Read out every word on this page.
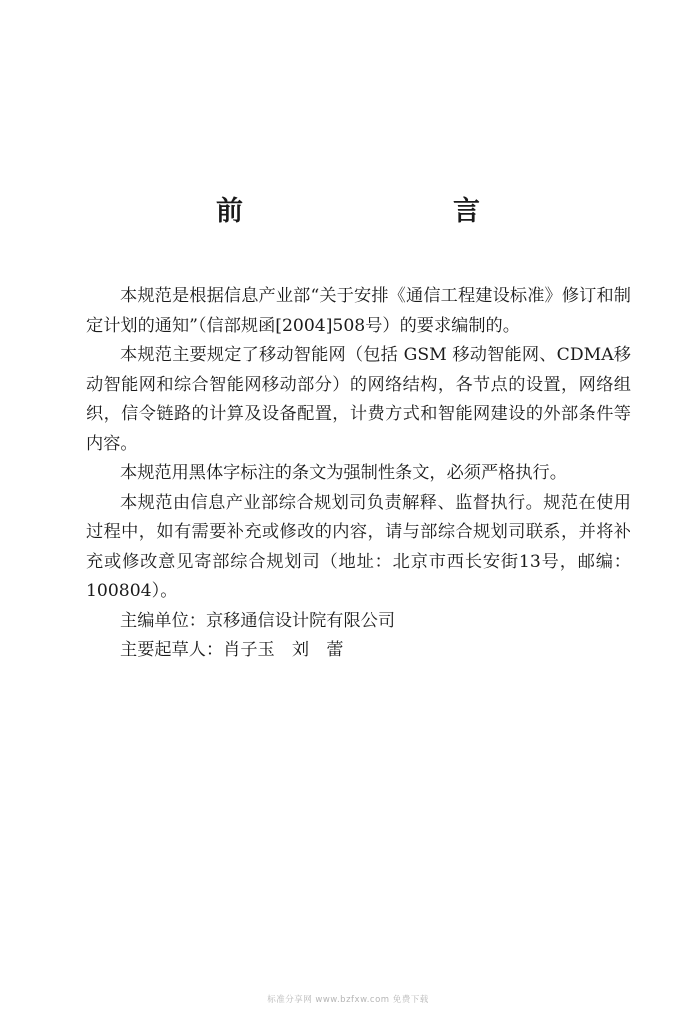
前　　言

本规范是根据信息产业部“关于安排《通信工程建设标准》修订和制定计划的通知”（信部规函[2004]508号）的要求编制的。

本规范主要规定了移动智能网（包括 GSM 移动智能网、CDMA移动智能网和综合智能网移动部分）的网络结构，各节点的设置，网络组织，信令链路的计算及设备配置，计费方式和智能网建设的外部条件等内容。

本规范用黑体字标注的条文为强制性条文，必须严格执行。

本规范由信息产业部综合规划司负责解释、监督执行。规范在使用过程中，如有需要补充或修改的内容，请与部综合规划司联系，并将补充或修改意见寄部综合规划司（地址：北京市西长安街13号，邮编：100804）。

主编单位：京移通信设计院有限公司

主要起草人：肖子玉　刘　蕾

标准分享网 www.bzfxw.com 免费下载
